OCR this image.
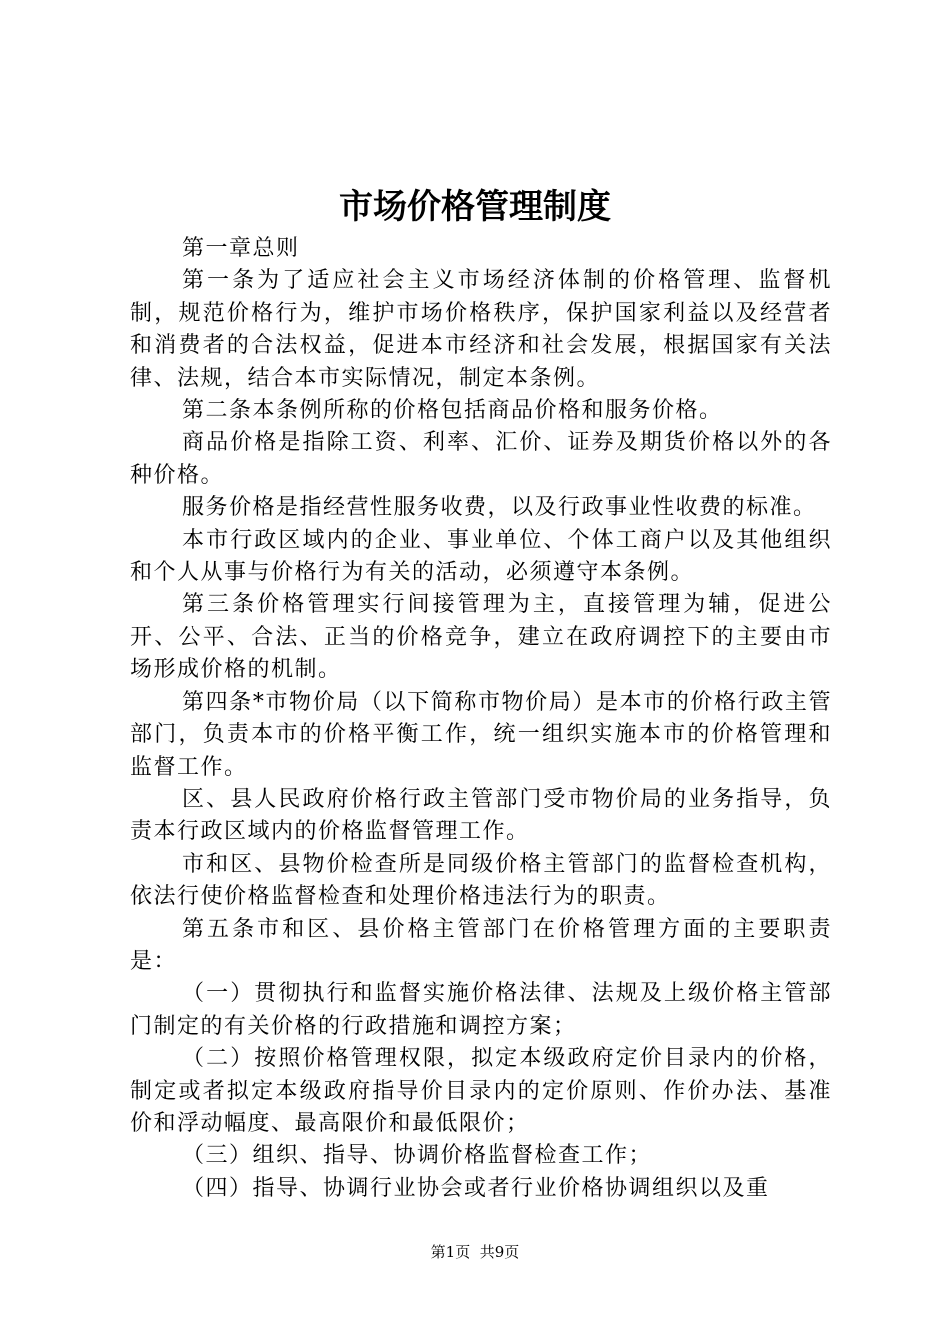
市场价格管理制度

第一章总则

第一条为了适应社会主义市场经济体制的价格管理、监督机制，规范价格行为，维护市场价格秩序，保护国家利益以及经营者和消费者的合法权益，促进本市经济和社会发展，根据国家有关法律、法规，结合本市实际情况，制定本条例。

第二条本条例所称的价格包括商品价格和服务价格。

商品价格是指除工资、利率、汇价、证券及期货价格以外的各种价格。

服务价格是指经营性服务收费，以及行政事业性收费的标准。

本市行政区域内的企业、事业单位、个体工商户以及其他组织和个人从事与价格行为有关的活动，必须遵守本条例。

第三条价格管理实行间接管理为主，直接管理为辅，促进公开、公平、合法、正当的价格竞争，建立在政府调控下的主要由市场形成价格的机制。

第四条*市物价局（以下简称市物价局）是本市的价格行政主管部门，负责本市的价格平衡工作，统一组织实施本市的价格管理和监督工作。

区、县人民政府价格行政主管部门受市物价局的业务指导，负责本行政区域内的价格监督管理工作。

市和区、县物价检查所是同级价格主管部门的监督检查机构，依法行使价格监督检查和处理价格违法行为的职责。

第五条市和区、县价格主管部门在价格管理方面的主要职责是：

（一）贯彻执行和监督实施价格法律、法规及上级价格主管部门制定的有关价格的行政措施和调控方案；

（二）按照价格管理权限，拟定本级政府定价目录内的价格，制定或者拟定本级政府指导价目录内的定价原则、作价办法、基准价和浮动幅度、最高限价和最低限价；

（三）组织、指导、协调价格监督检查工作；

（四）指导、协调行业协会或者行业价格协调组织以及重

第1页 共9页
